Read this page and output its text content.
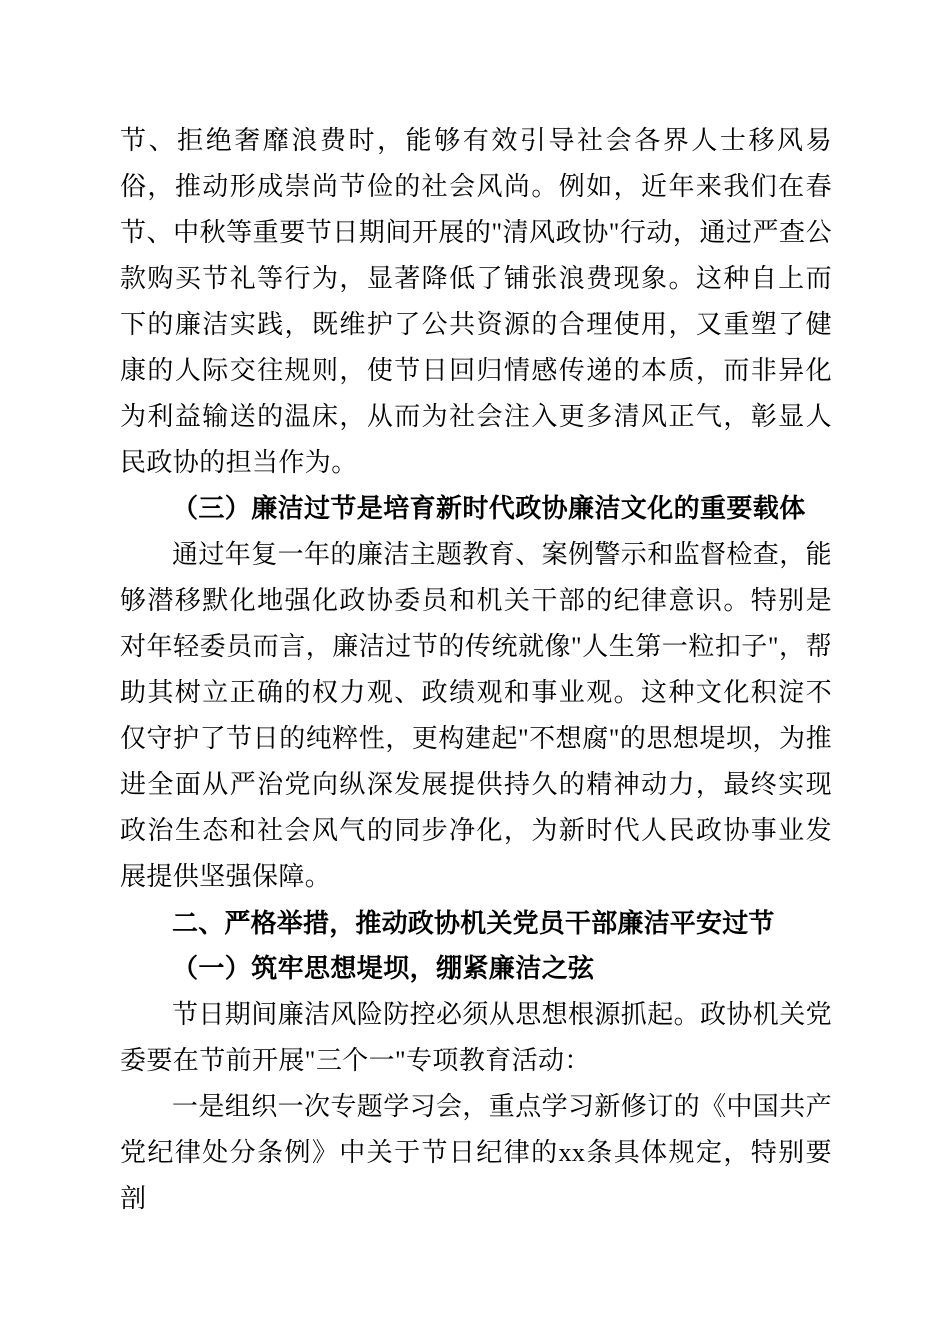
节、拒绝奢靡浪费时，能够有效引导社会各界人士移风易俗，推动形成崇尚节俭的社会风尚。例如，近年来我们在春节、中秋等重要节日期间开展的"清风政协"行动，通过严查公款购买节礼等行为，显著降低了铺张浪费现象。这种自上而下的廉洁实践，既维护了公共资源的合理使用，又重塑了健康的人际交往规则，使节日回归情感传递的本质，而非异化为利益输送的温床，从而为社会注入更多清风正气，彰显人民政协的担当作为。

（三）廉洁过节是培育新时代政协廉洁文化的重要载体

通过年复一年的廉洁主题教育、案例警示和监督检查，能够潜移默化地强化政协委员和机关干部的纪律意识。特别是对年轻委员而言，廉洁过节的传统就像"人生第一粒扣子"，帮助其树立正确的权力观、政绩观和事业观。这种文化积淀不仅守护了节日的纯粹性，更构建起"不想腐"的思想堤坝，为推进全面从严治党向纵深发展提供持久的精神动力，最终实现政治生态和社会风气的同步净化，为新时代人民政协事业发展提供坚强保障。

二、严格举措，推动政协机关党员干部廉洁平安过节

（一）筑牢思想堤坝，绷紧廉洁之弦

节日期间廉洁风险防控必须从思想根源抓起。政协机关党委要在节前开展"三个一"专项教育活动：

一是组织一次专题学习会，重点学习新修订的《中国共产党纪律处分条例》中关于节日纪律的xx条具体规定，特别要剖
